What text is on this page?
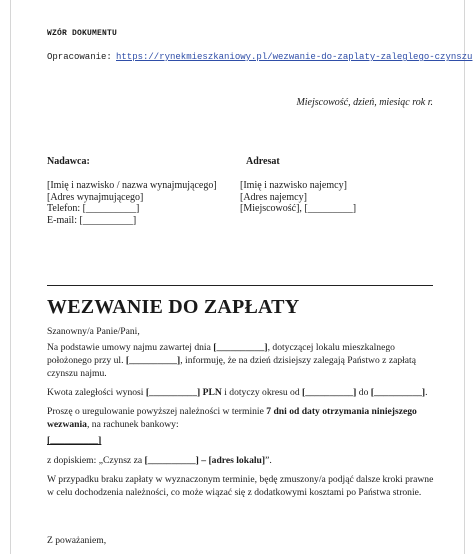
WZÓR DOKUMENTU
Opracowanie: https://rynekmieszkaniowy.pl/wezwanie-do-zaplaty-zaleglego-czynszu
Miejscowość, dzień, miesiąc rok r.
Nadawca:	Adresat
[Imię i nazwisko / nazwa wynajmującego]
[Adres wynajmującego]
Telefon: [__________]
E-mail: [__________]
[Imię i nazwisko najemcy]
[Adres najemcy]
[Miejscowość], [_________]
WEZWANIE DO ZAPŁATY
Szanowny/a Panie/Pani,
Na podstawie umowy najmu zawartej dnia [__________], dotyczącej lokalu mieszkalnego położonego przy ul. [__________], informuję, że na dzień dzisiejszy zalegają Państwo z zapłatą czynszu najmu.
Kwota zaległości wynosi [__________] PLN i dotyczy okresu od [__________] do [__________].
Proszę o uregulowanie powyższej należności w terminie 7 dni od daty otrzymania niniejszego wezwania, na rachunek bankowy:
[__________]
z dopiskiem: „Czynsz za [__________] – [adres lokalu]”.
W przypadku braku zapłaty w wyznaczonym terminie, będę zmuszony/a podjąć dalsze kroki prawne w celu dochodzenia należności, co może wiązać się z dodatkowymi kosztami po Państwa stronie.
Z poważaniem,
